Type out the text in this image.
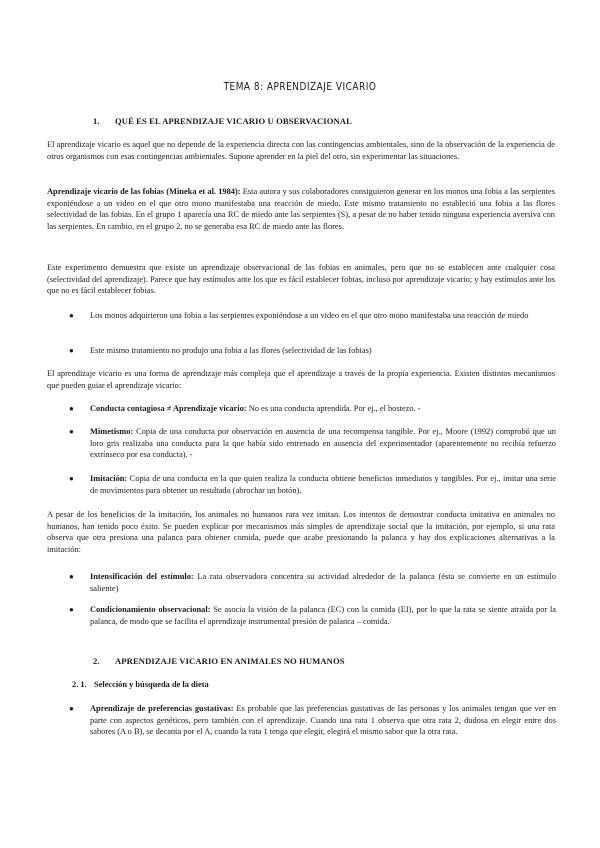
TEMA 8: APRENDIZAJE VICARIO
1. QUÉ ES EL APRENDIZAJE VICARIO U OBSERVACIONAL
El aprendizaje vicario es aquel que no depende de la experiencia directa con las contingencias ambientales, sino de la observación de la experiencia de otros organismos con esas contingencias ambientales. Supone aprender en la piel del otro, sin experimentar las situaciones.
Aprendizaje vicario de las fobias (Mineka et al. 1984): Esta autora y sus colaboradores consiguieron generar en los monos una fobia a las serpientes exponiéndose a un video en el que otro mono manifestaba una reacción de miedo. Este mismo tratamiento no estableció una fobia a las flores selectividad de las fobias. En el grupo 1 aparecía una RC de miedo ante las serpientes (S), a pesar de no haber tenido ninguna experiencia aversiva con las serpientes. En cambio, en el grupo 2, no se generaba esa RC de miedo ante las flores.
Este experimento demuestra que existe un aprendizaje observacional de las fobias en animales, pero que no se establecen ante cualquier cosa (selectividad del aprendizaje). Parece que hay estímulos ante los que es fácil establecer fobias, incluso por aprendizaje vicario; y hay estímulos ante los que no es fácil establecer fobias.
● Los monos adquirieron una fobia a las serpientes exponiéndose a un video en el que otro mono manifestaba una reacción de miedo
● Este mismo tratamiento no produjo una fobia a las flores (selectividad de las fobias)
El aprendizaje vicario es una forma de aprendizaje más compleja que el aprendizaje a través de la propia experiencia. Existen distintos mecanismos que pueden guiar el aprendizaje vicario:
● Conducta contagiosa ≠ Aprendizaje vicario: No es una conducta aprendida. Por ej., el bostezo. -
● Mimetismo: Copia de una conducta por observación en ausencia de una recompensa tangible. Por ej., Moore (1992) comprobó que un loro gris realizaba una conducta para la que había sido entrenado en ausencia del experimentador (aparentemente no recibía refuerzo extrínseco por esa conducta). -
● Imitación: Copia de una conducta en la que quien realiza la conducta obtiene beneficios inmediatos y tangibles. Por ej., imitar una serie de movimientos para obtener un resultado (abrochar un botón).
A pesar de los beneficios de la imitación, los animales no humanos rara vez imitan. Los intentos de demostrar conducta imitativa en animales no humanos, han tenido poco éxito. Se pueden explicar por mecanismos más simples de aprendizaje social que la imitación, por ejemplo, si una rata observa que otra presiona una palanca para obtener comida, puede que acabe presionando la palanca y hay dos explicaciones alternativas a la imitación:
● Intensificación del estímulo: La rata observadora concentra su actividad alrededor de la palanca (ésta se convierte en un estímulo saliente)
● Condicionamiento observacional: Se asocia la visión de la palanca (EC) con la comida (EI), por lo que la rata se siente atraída por la palanca, de modo que se facilita el aprendizaje instrumental presión de palanca – comida.
2. APRENDIZAJE VICARIO EN ANIMALES NO HUMANOS
2. 1. Selección y búsqueda de la dieta
● Aprendizaje de preferencias gustativas: Es probable que las preferencias gustativas de las personas y los animales tengan que ver en parte con aspectos genéticos, pero también con el aprendizaje. Cuando una rata 1 observa que otra rata 2, dudosa en elegir entre dos sabores (A o B), se decanta por el A, cuando la rata 1 tenga que elegir, elegirá el mismo sabor que la otra rata.
